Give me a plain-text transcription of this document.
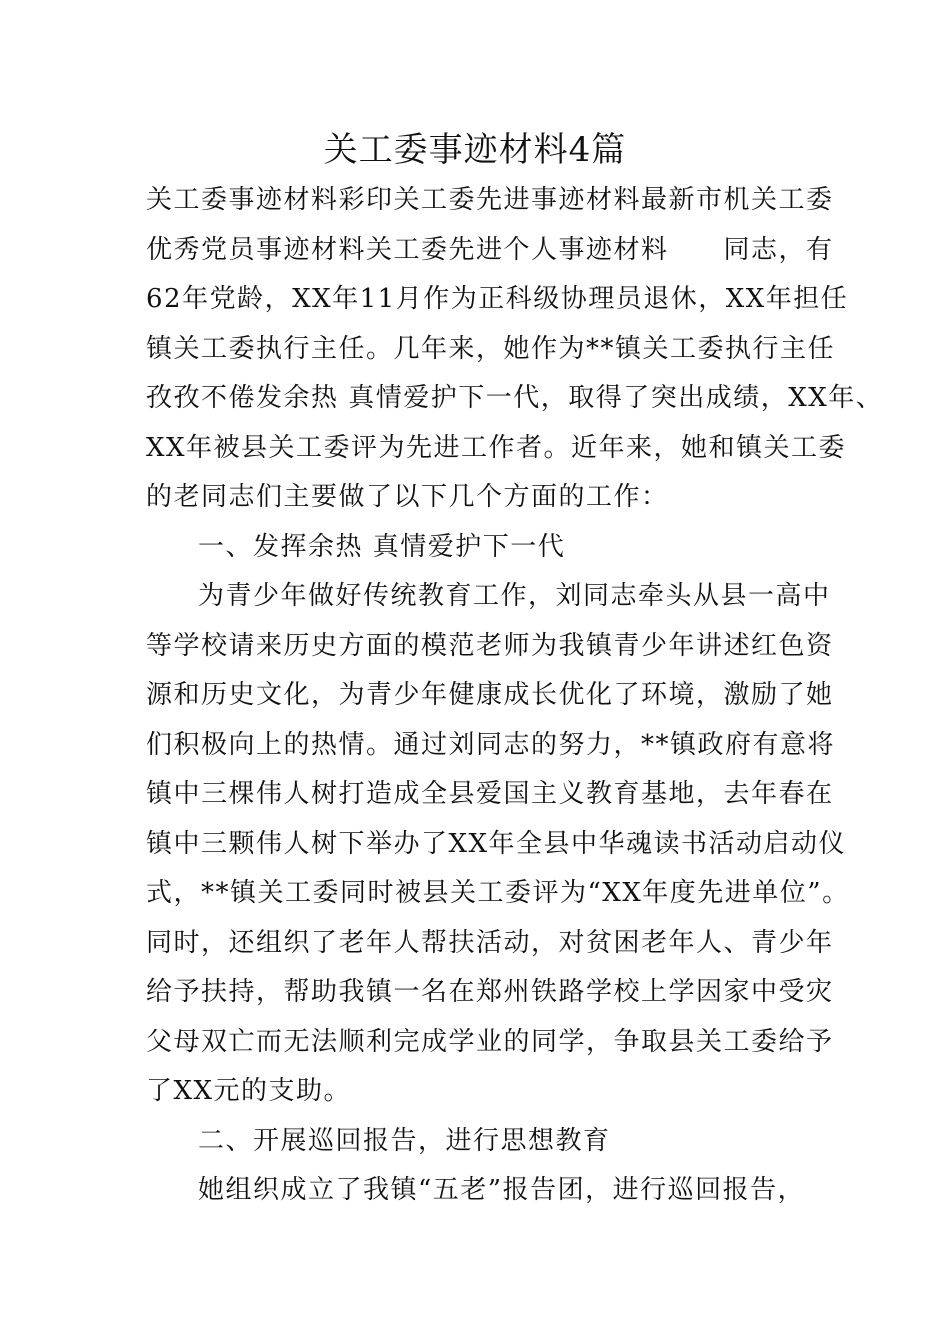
关工委事迹材料4篇
关工委事迹材料彩印关工委先进事迹材料最新市机关工委
优秀党员事迹材料关工委先进个人事迹材料　　同志，有
62年党龄，XX年11月作为正科级协理员退休，XX年担任
镇关工委执行主任。几年来，她作为**镇关工委执行主任
孜孜不倦发余热 真情爱护下一代，取得了突出成绩，XX年、
XX年被县关工委评为先进工作者。近年来，她和镇关工委
的老同志们主要做了以下几个方面的工作：
一、发挥余热 真情爱护下一代
为青少年做好传统教育工作，刘同志牵头从县一高中
等学校请来历史方面的模范老师为我镇青少年讲述红色资
源和历史文化，为青少年健康成长优化了环境，激励了她
们积极向上的热情。通过刘同志的努力，**镇政府有意将
镇中三棵伟人树打造成全县爱国主义教育基地，去年春在
镇中三颗伟人树下举办了XX年全县中华魂读书活动启动仪
式，**镇关工委同时被县关工委评为“XX年度先进单位”。
同时，还组织了老年人帮扶活动，对贫困老年人、青少年
给予扶持，帮助我镇一名在郑州铁路学校上学因家中受灾
父母双亡而无法顺利完成学业的同学，争取县关工委给予
了XX元的支助。
二、开展巡回报告，进行思想教育
她组织成立了我镇“五老”报告团，进行巡回报告，
